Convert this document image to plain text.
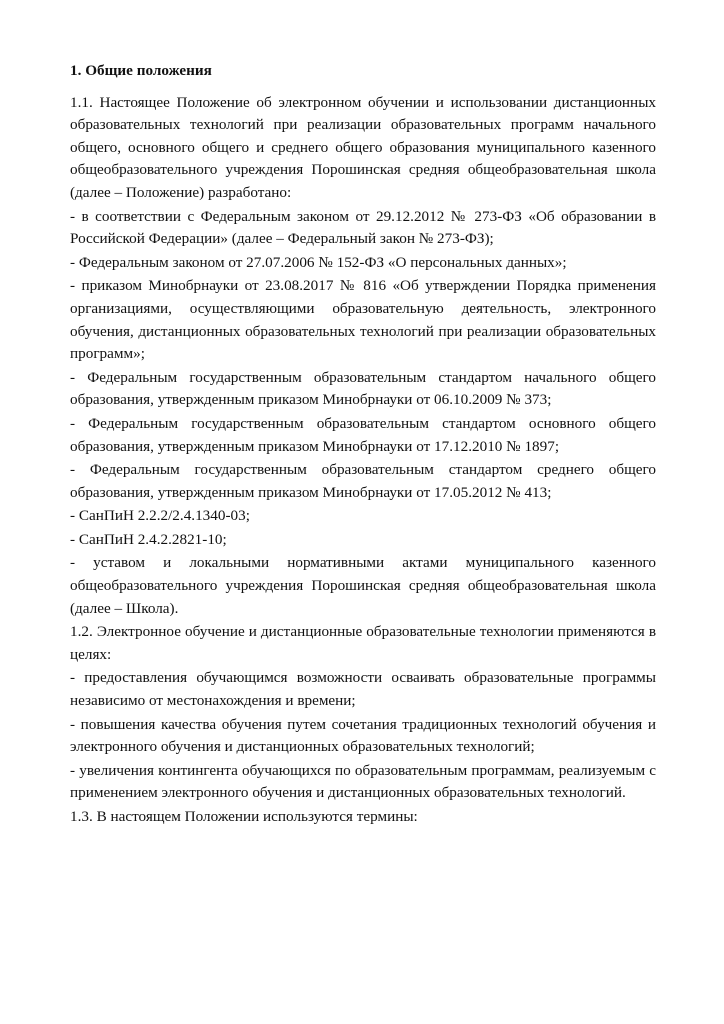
1. Общие положения
1.1. Настоящее Положение об электронном обучении и использовании дистанционных образовательных технологий при реализации образовательных программ начального общего, основного общего и среднего общего образования муниципального казенного общеобразовательного учреждения Порошинская средняя общеобразовательная школа (далее – Положение) разработано:
- в соответствии с Федеральным законом от 29.12.2012 № 273-ФЗ «Об образовании в Российской Федерации» (далее – Федеральный закон № 273-ФЗ);
- Федеральным законом от 27.07.2006 № 152-ФЗ «О персональных данных»;
- приказом Минобрнауки от 23.08.2017 № 816 «Об утверждении Порядка применения организациями, осуществляющими образовательную деятельность, электронного обучения, дистанционных образовательных технологий при реализации образовательных программ»;
- Федеральным государственным образовательным стандартом начального общего образования, утвержденным приказом Минобрнауки от 06.10.2009 № 373;
- Федеральным государственным образовательным стандартом основного общего образования, утвержденным приказом Минобрнауки от 17.12.2010 № 1897;
- Федеральным государственным образовательным стандартом среднего общего образования, утвержденным приказом Минобрнауки от 17.05.2012 № 413;
- СанПиН 2.2.2/2.4.1340-03;
- СанПиН 2.4.2.2821-10;
- уставом и локальными нормативными актами муниципального казенного общеобразовательного учреждения Порошинская средняя общеобразовательная школа (далее – Школа).
1.2. Электронное обучение и дистанционные образовательные технологии применяются в целях:
- предоставления обучающимся возможности осваивать образовательные программы независимо от местонахождения и времени;
- повышения качества обучения путем сочетания традиционных технологий обучения и электронного обучения и дистанционных образовательных технологий;
- увеличения контингента обучающихся по образовательным программам, реализуемым с применением электронного обучения и дистанционных образовательных технологий.
1.3. В настоящем Положении используются термины:
